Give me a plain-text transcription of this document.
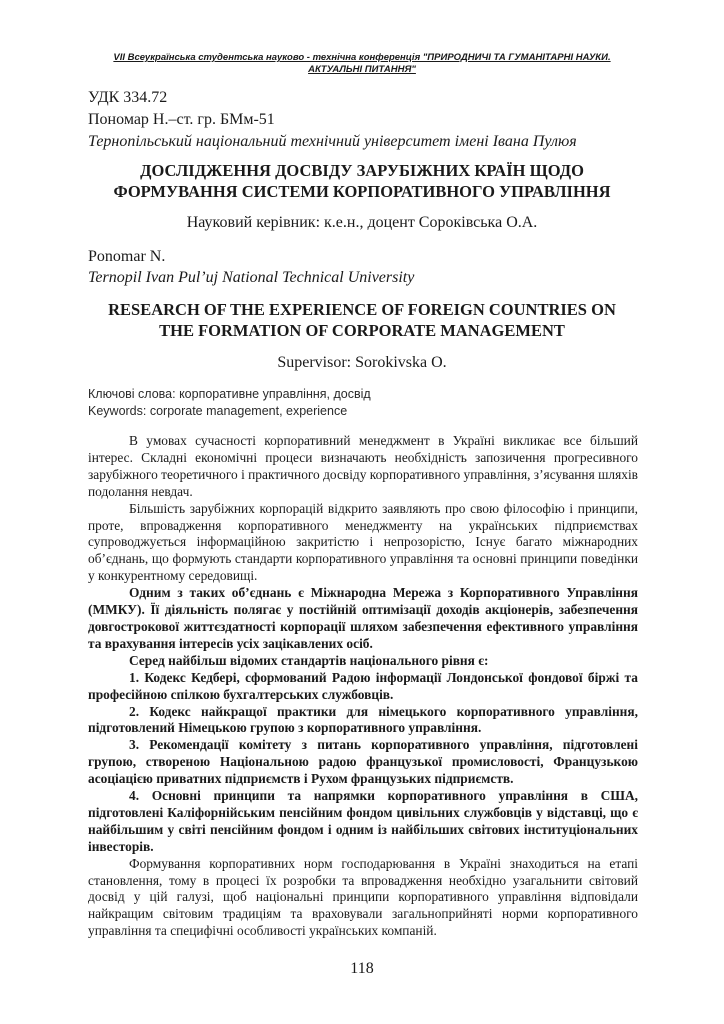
VII Всеукраїнська студентська науково - технічна конференція "ПРИРОДНИЧІ ТА ГУМАНІТАРНІ НАУКИ. АКТУАЛЬНІ ПИТАННЯ"
УДК 334.72
Пономар Н.–ст. гр. БМм-51
Тернопільський національний технічний університет імені Івана Пулюя
ДОСЛІДЖЕННЯ ДОСВІДУ ЗАРУБІЖНИХ КРАЇН ЩОДО
ФОРМУВАННЯ СИСТЕМИ КОРПОРАТИВНОГО УПРАВЛІННЯ
Науковий керівник: к.е.н., доцент Сороківська О.А.
Ponomar N.
Ternopil Ivan Pul’uj National Technical University
RESEARCH OF THE EXPERIENCE OF FOREIGN COUNTRIES ON
THE FORMATION OF CORPORATE MANAGEMENT
Supervisor: Sorokivska O.
Ключові слова: корпоративне управління, досвід
Keywords: corporate management, experience

В умовах сучасності корпоративний менеджмент в Україні викликає все більший інтерес. Складні економічні процеси визначають необхідність запозичення прогресивного зарубіжного теоретичного і практичного досвіду корпоративного управління, з’ясування шляхів подолання невдач.

Більшість зарубіжних корпорацій відкрито заявляють про свою філософію і принципи, проте, впровадження корпоративного менеджменту на українських підприємствах супроводжується інформаційною закритістю і непрозорістю, Існує багато міжнародних об’єднань, що формують стандарти корпоративного управління та основні принципи поведінки у конкурентному середовищі.

Одним з таких об’єднань є Міжнародна Мережа з Корпоративного Управління (ММКУ). Її діяльність полягає у постійній оптимізації доходів акціонерів, забезпечення довгострокової життєздатності корпорації шляхом забезпечення ефективного управління та врахування інтересів усіх зацікавлених осіб.

Серед найбільш відомих стандартів національного рівня є:

1. Кодекс Кедбері, сформований Радою інформації Лондонської фондової біржі та професійною спілкою бухгалтерських службовців.

2. Кодекс найкращої практики для німецького корпоративного управління, підготовлений Німецькою групою з корпоративного управління.

3. Рекомендації комітету з питань корпоративного управління, підготовлені групою, створеною Національною радою французької промисловості, Французькою асоціацією приватних підприємств і Рухом французьких підприємств.

4. Основні принципи та напрямки корпоративного управління в США, підготовлені Каліфорнійським пенсійним фондом цивільних службовців у відставці, що є найбільшим у світі пенсійним фондом і одним із найбільших світових інституціональних інвесторів.

Формування корпоративних норм господарювання в Україні знаходиться на етапі становлення, тому в процесі їх розробки та впровадження необхідно узагальнити світовий досвід у цій галузі, щоб національні принципи корпоративного управління відповідали найкращим світовим традиціям та враховували загальноприйняті норми корпоративного управління та специфічні особливості українських компаній.

118
